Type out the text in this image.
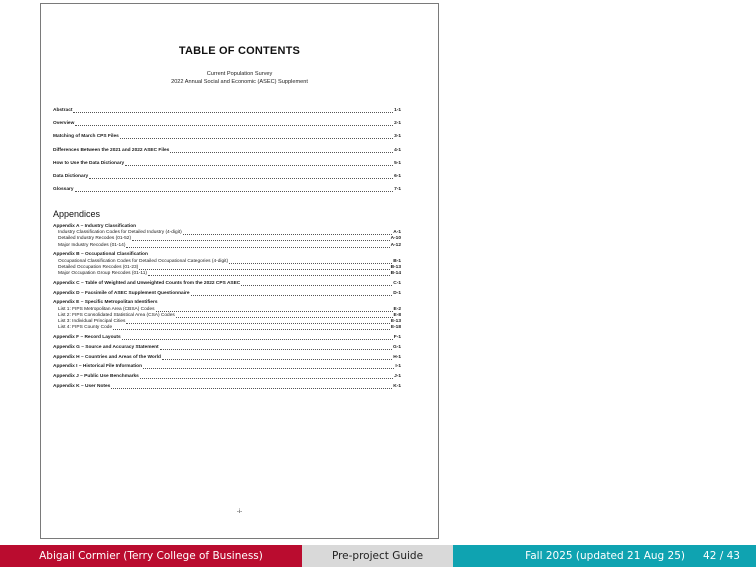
TABLE OF CONTENTS
Current Population Survey
2022 Annual Social and Economic (ASEC) Supplement
Abstract	1-1
Overview	2-1
Matching of March CPS Files	3-1
Differences Between the 2021 and 2022 ASEC Files	4-1
How to Use the Data Dictionary	5-1
Data Dictionary	6-1
Glossary	7-1
Appendices
Appendix A – Industry Classification
Industry Classification Codes for Detailed Industry (4-digit)	A-1
Detailed Industry Recodes (01-52)	A-10
Major Industry Recodes (01-14)	A-12
Appendix B – Occupational Classification
Occupational Classification Codes for Detailed Occupational Categories (4-digit)	B-1
Detailed Occupation Recodes (01-23)	B-13
Major Occupation Group Recodes (01-11)	B-14
Appendix C – Table of Weighted and Unweighted Counts from the 2022 CPS ASEC	C-1
Appendix D – Facsimile of ASEC Supplement Questionnaire	D-1
Appendix E – Specific Metropolitan Identifiers
List 1: FIPS Metropolitan Area (CBSA) Codes	E-2
List 2: FIPS Consolidated Statistical Area (CSA) Codes	E-8
List 3: Individual Principal Cities	E-13
List 4: FIPS County Code	E-18
Appendix F – Record Layouts	F-1
Appendix G – Source and Accuracy Statement	G-1
Appendix H – Countries and Areas of the World	H-1
Appendix I – Historical File Information	I-1
Appendix J – Public Use Benchmarks	J-1
Appendix K – User Notes	K-1
-i-
Abigail Cormier (Terry College of Business)	Pre-project Guide	Fall 2025 (updated 21 Aug 25) 42
/
43
